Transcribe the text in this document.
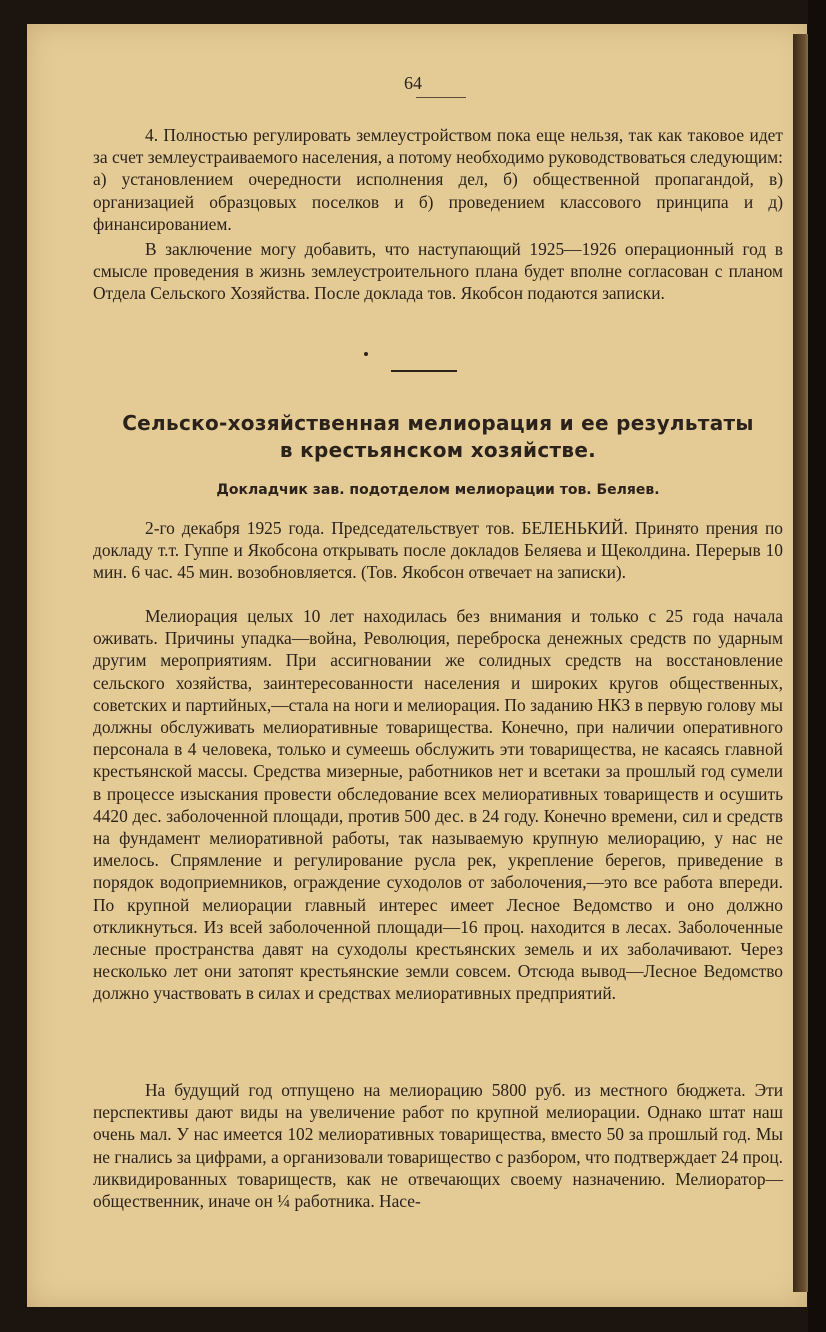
64
4. Полностью регулировать землеустройством пока еще нельзя, так как таковое идет за счет землеустраиваемого населения, а потому необходимо руководствоваться следующим: а) установлением очередности исполнения дел, б) общественной пропагандой, в) организацией образцовых поселков и б) проведением классового принципа и д) финансированием.
В заключение могу добавить, что наступающий 1925—1926 операционный год в смысле проведения в жизнь землеустроительного плана будет вполне согласован с планом Отдела Сельского Хозяйства. После доклада тов. Якобсон подаются записки.
Сельско-хозяйственная мелиорация и ее результаты
в крестьянском хозяйстве.
Докладчик зав. подотделом мелиорации тов. Беляев.
2-го декабря 1925 года. Председательствует тов. БЕЛЕНЬКИЙ. Принято прения по докладу т.т. Гуппе и Якобсона открывать после докладов Беляева и Щеколдина. Перерыв 10 мин. 6 час. 45 мин. возобновляется. (Тов. Якобсон отвечает на записки).
Мелиорация целых 10 лет находилась без внимания и только с 25 года начала оживать. Причины упадка—война, Революция, переброска денежных средств по ударным другим мероприятиям. При ассигновании же солидных средств на восстановление сельского хозяйства, заинтересованности населения и широких кругов общественных, советских и партийных,—стала на ноги и мелиорация. По заданию НКЗ в первую голову мы должны обслуживать мелиоративные товарищества. Конечно, при наличии оперативного персонала в 4 человека, только и сумеешь обслужить эти товарищества, не касаясь главной крестьянской массы. Средства мизерные, работников нет и всетаки за прошлый год сумели в процессе изыскания провести обследование всех мелиоративных товариществ и осушить 4420 дес. заболоченной площади, против 500 дес. в 24 году. Конечно времени, сил и средств на фундамент мелиоративной работы, так называемую крупную мелиорацию, у нас не имелось. Спрямление и регулирование русла рек, укрепление берегов, приведение в порядок водоприемников, ограждение суходолов от заболочения,—это все работа впереди. По крупной мелиорации главный интерес имеет Лесное Ведомство и оно должно откликнуться. Из всей заболоченной площади—16 проц. находится в лесах. Заболоченные лесные пространства давят на суходолы крестьянских земель и их заболачивают. Через несколько лет они затопят крестьянские земли совсем. Отсюда вывод—Лесное Ведомство должно участвовать в силах и средствах мелиоративных предприятий.
На будущий год отпущено на мелиорацию 5800 руб. из местного бюджета. Эти перспективы дают виды на увеличение работ по крупной мелиорации. Однако штат наш очень мал. У нас имеется 102 мелиоративных товарищества, вместо 50 за прошлый год. Мы не гнались за цифрами, а организовали товарищество с разбором, что подтверждает 24 проц. ликвидированных товариществ, как не отвечающих своему назначению. Мелиоратор—общественник, иначе он ¼ работника. Насе-
